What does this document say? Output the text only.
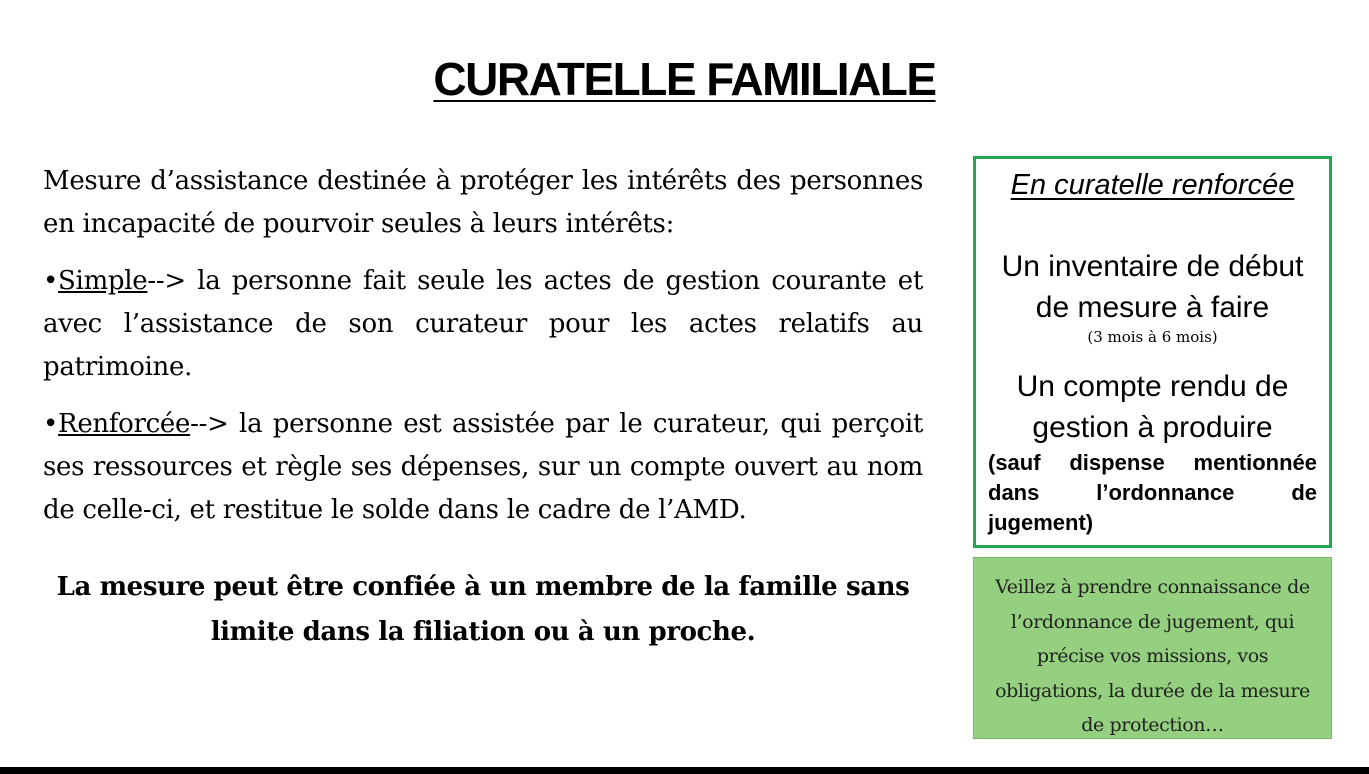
CURATELLE FAMILIALE

Mesure d’assistance destinée à protéger les intérêts des personnes en incapacité de pourvoir seules à leurs intérêts:

•Simple--> la personne fait seule les actes de gestion courante et avec l’assistance de son curateur pour les actes relatifs au patrimoine.

•Renforcée--> la personne est assistée par le curateur, qui perçoit ses ressources et règle ses dépenses, sur un compte ouvert au nom de celle-ci, et restitue le solde dans le cadre de l’AMD.

La mesure peut être confiée à un membre de la famille sans limite dans la filiation ou à un proche.
En curatelle renforcée
Un inventaire de début de mesure à faire
(3 mois à 6 mois)
Un compte rendu de gestion à produire
(sauf dispense mentionnée dans l’ordonnance de jugement)
Veillez à prendre connaissance de l’ordonnance de jugement, qui précise vos missions, vos obligations, la durée de la mesure de protection…
